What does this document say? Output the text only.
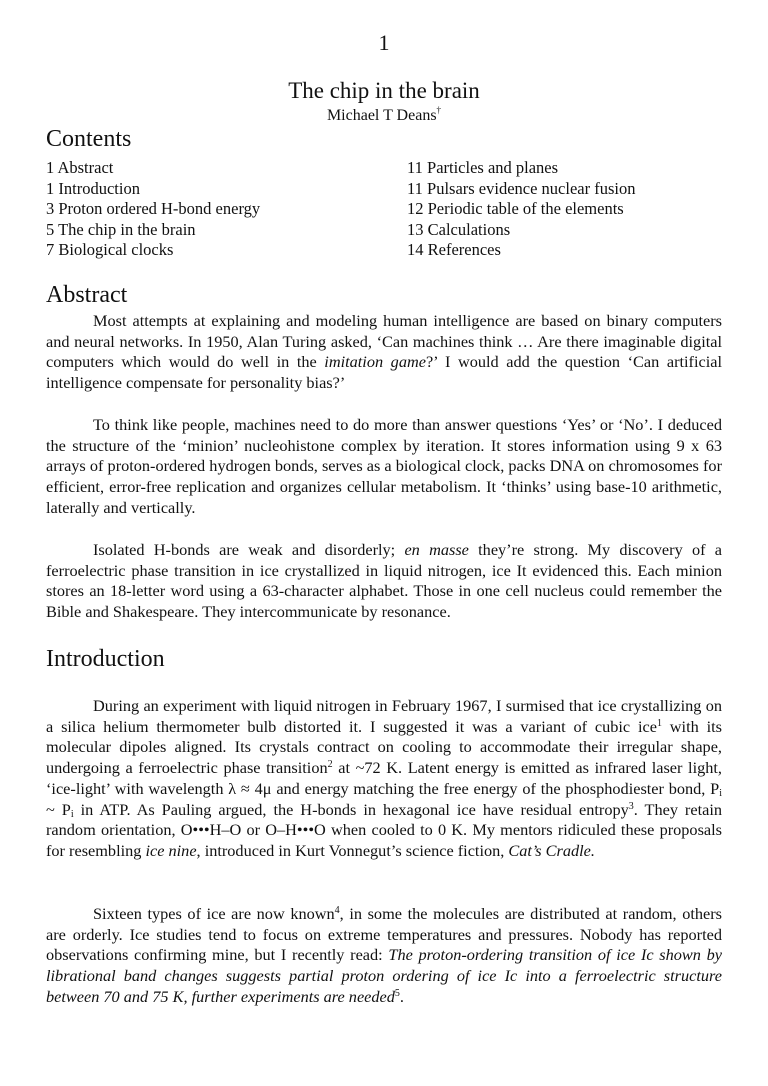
1
The chip in the brain
Michael T Deans†
Contents
1 Abstract
1 Introduction
3 Proton ordered H-bond energy
5 The chip in the brain
7 Biological clocks
11 Particles and planes
11 Pulsars evidence nuclear fusion
12 Periodic table of the elements
13 Calculations
14 References
Abstract
Most attempts at explaining and modeling human intelligence are based on binary computers and neural networks. In 1950, Alan Turing asked, ‘Can machines think … Are there imaginable digital computers which would do well in the imitation game?’ I would add the question ‘Can artificial intelligence compensate for personality bias?’
To think like people, machines need to do more than answer questions ‘Yes’ or ‘No’. I deduced the structure of the ‘minion’ nucleohistone complex by iteration. It stores information using 9 x 63 arrays of proton-ordered hydrogen bonds, serves as a biological clock, packs DNA on chromosomes for efficient, error-free replication and organizes cellular metabolism. It ‘thinks’ using base-10 arithmetic, laterally and vertically.
Isolated H-bonds are weak and disorderly; en masse they’re strong. My discovery of a ferroelectric phase transition in ice crystallized in liquid nitrogen, ice It evidenced this. Each minion stores an 18-letter word using a 63-character alphabet. Those in one cell nucleus could remember the Bible and Shakespeare. They intercommunicate by resonance.
Introduction
During an experiment with liquid nitrogen in February 1967, I surmised that ice crystallizing on a silica helium thermometer bulb distorted it. I suggested it was a variant of cubic ice$^1$ with its molecular dipoles aligned. Its crystals contract on cooling to accommodate their irregular shape, undergoing a ferroelectric phase transition$^2$ at ~72 K. Latent energy is emitted as infrared laser light, ‘ice-light’ with wavelength λ ≈ 4μ and energy matching the free energy of the phosphodiester bond, $P_i$ ~ $P_i$ in ATP. As Pauling argued, the H-bonds in hexagonal ice have residual entropy$^3$. They retain random orientation, O•••H–O or O–H•••O when cooled to 0 K. My mentors ridiculed these proposals for resembling ice nine, introduced in Kurt Vonnegut’s science fiction, Cat’s Cradle.
Sixteen types of ice are now known$^4$, in some the molecules are distributed at random, others are orderly. Ice studies tend to focus on extreme temperatures and pressures. Nobody has reported observations confirming mine, but I recently read: The proton-ordering transition of ice Ic shown by librational band changes suggests partial proton ordering of ice Ic into a ferroelectric structure between 70 and 75 K, further experiments are needed$^5$.
